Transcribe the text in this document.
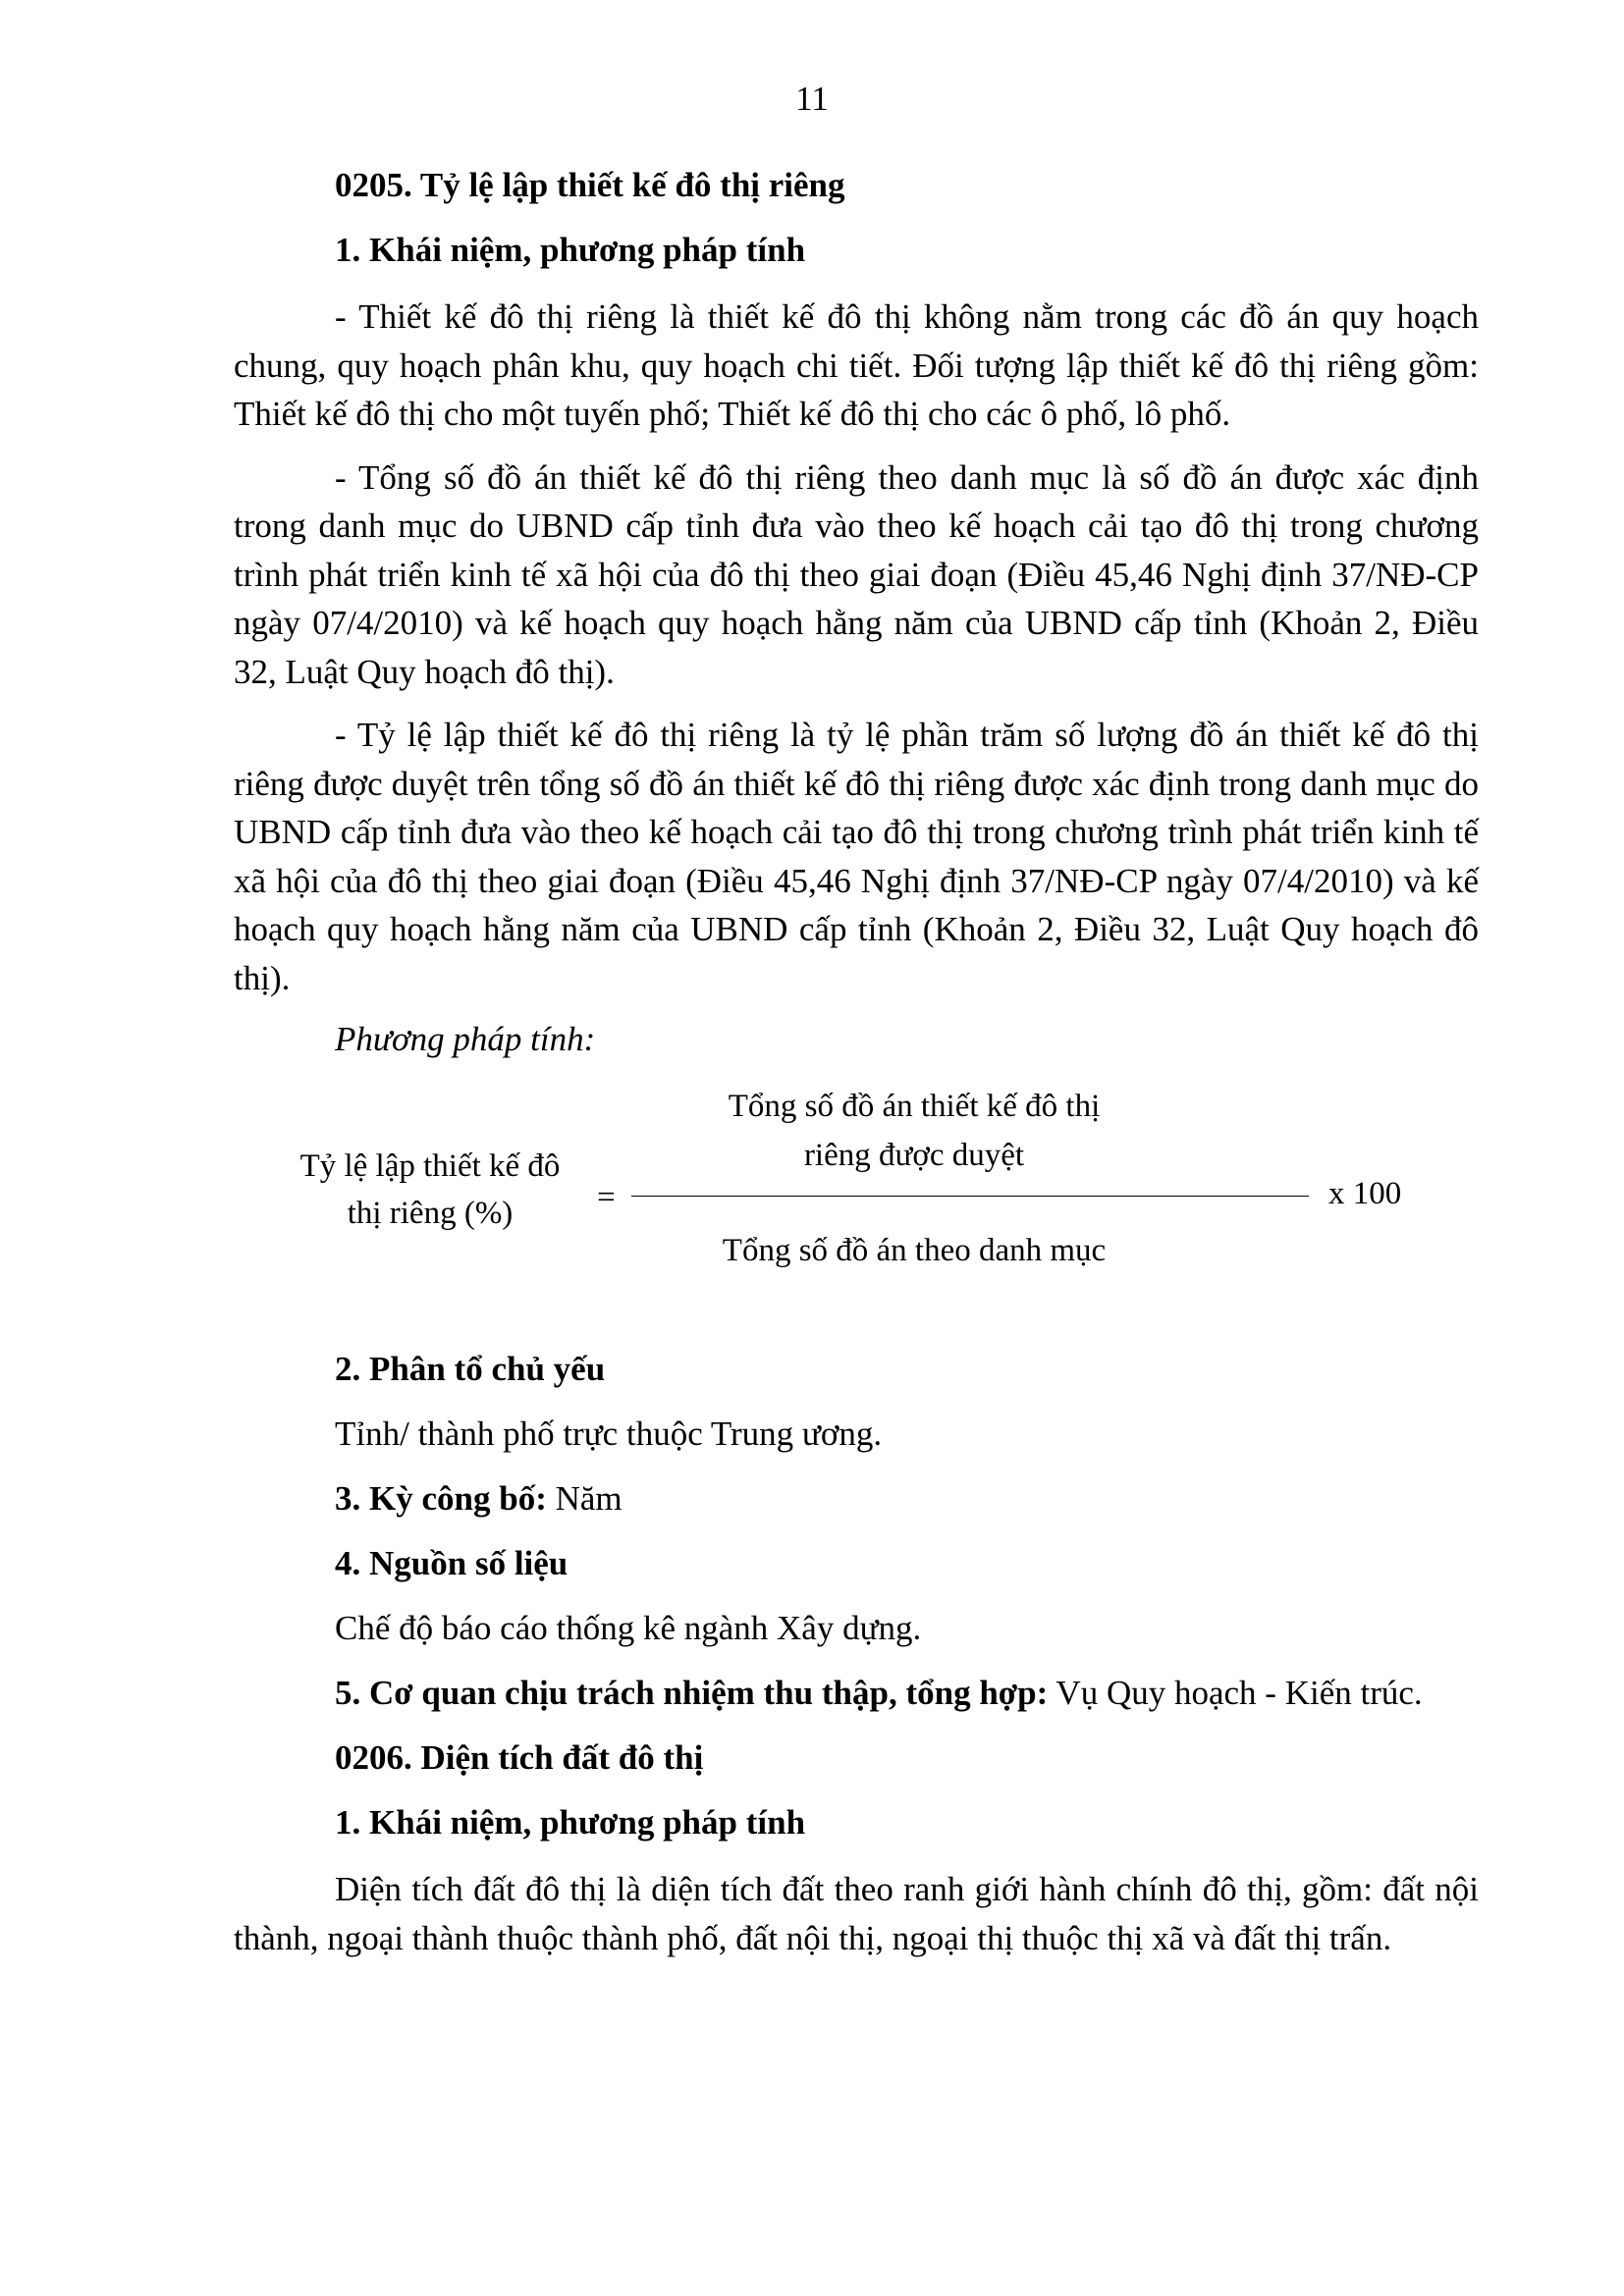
11
0205. Tỷ lệ lập thiết kế đô thị riêng
1. Khái niệm, phương pháp tính

- Thiết kế đô thị riêng là thiết kế đô thị không nằm trong các đồ án quy hoạch chung, quy hoạch phân khu, quy hoạch chi tiết. Đối tượng lập thiết kế đô thị riêng gồm: Thiết kế đô thị cho một tuyến phố; Thiết kế đô thị cho các ô phố, lô phố.

- Tổng số đồ án thiết kế đô thị riêng theo danh mục là số đồ án được xác định trong danh mục do UBND cấp tỉnh đưa vào theo kế hoạch cải tạo đô thị trong chương trình phát triển kinh tế xã hội của đô thị theo giai đoạn (Điều 45,46 Nghị định 37/NĐ-CP ngày 07/4/2010) và kế hoạch quy hoạch hằng năm của UBND cấp tỉnh (Khoản 2, Điều 32, Luật Quy hoạch đô thị).

- Tỷ lệ lập thiết kế đô thị riêng là tỷ lệ phần trăm số lượng đồ án thiết kế đô thị riêng được duyệt trên tổng số đồ án thiết kế đô thị riêng được xác định trong danh mục do UBND cấp tỉnh đưa vào theo kế hoạch cải tạo đô thị trong chương trình phát triển kinh tế xã hội của đô thị theo giai đoạn (Điều 45,46 Nghị định 37/NĐ-CP ngày 07/4/2010) và kế hoạch quy hoạch hằng năm của UBND cấp tỉnh (Khoản 2, Điều 32, Luật Quy hoạch đô thị).

Phương pháp tính:
Tỷ lệ lập thiết kế đô
thị riêng (%)	=
Tổng số đồ án thiết kế đô thị
riêng được duyệt
x 100
Tổng số đồ án theo danh mục
2. Phân tổ chủ yếu
Tỉnh/ thành phố trực thuộc Trung ương.
3. Kỳ công bố: Năm
4. Nguồn số liệu
Chế độ báo cáo thống kê ngành Xây dựng.
5. Cơ quan chịu trách nhiệm thu thập, tổng hợp: Vụ Quy hoạch - Kiến trúc.
0206. Diện tích đất đô thị
1. Khái niệm, phương pháp tính

Diện tích đất đô thị là diện tích đất theo ranh giới hành chính đô thị, gồm: đất nội thành, ngoại thành thuộc thành phố, đất nội thị, ngoại thị thuộc thị xã và đất thị trấn.
